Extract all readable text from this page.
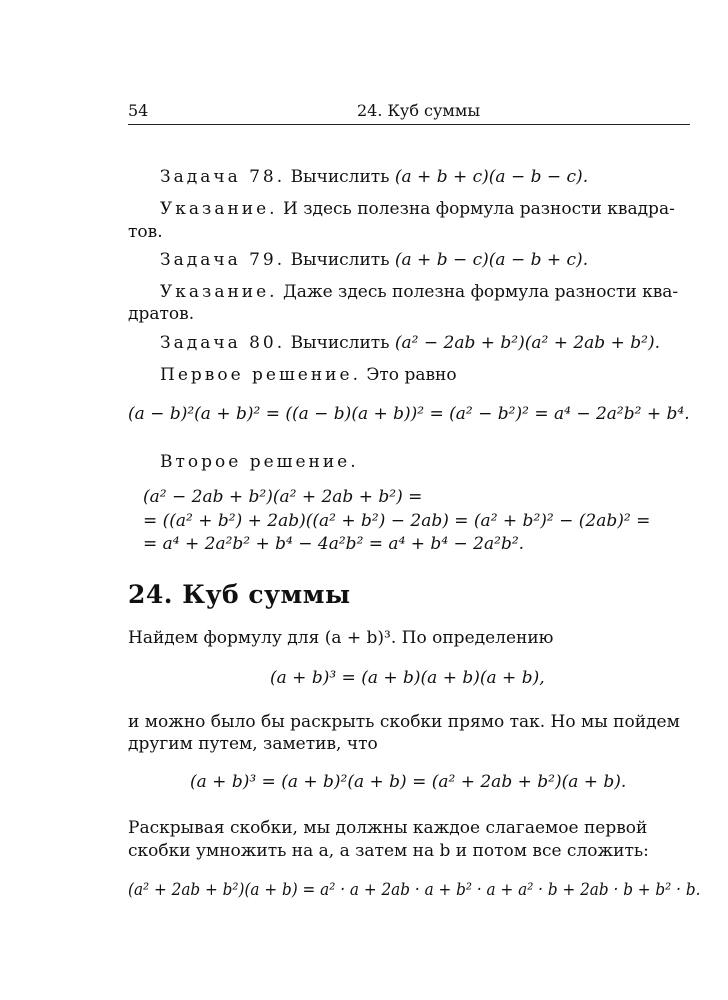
54	24. Куб суммы
Задача 78. Вычислить (a + b + c)(a − b − c).
Указание. И здесь полезна формула разности квадра-
тов.
Задача 79. Вычислить (a + b − c)(a − b + c).
Указание. Даже здесь полезна формула разности ква-
дратов.
Задача 80. Вычислить (a² − 2ab + b²)(a² + 2ab + b²).
Первое решение. Это равно
(a − b)²(a + b)² = ((a − b)(a + b))² = (a² − b²)² = a⁴ − 2a²b² + b⁴.
Второе решение.
(a² − 2ab + b²)(a² + 2ab + b²) =
= ((a² + b²) + 2ab)((a² + b²) − 2ab) = (a² + b²)² − (2ab)² =
= a⁴ + 2a²b² + b⁴ − 4a²b² = a⁴ + b⁴ − 2a²b².
24. Куб суммы
Найдем формулу для (a + b)³. По определению
(a + b)³ = (a + b)(a + b)(a + b),
и можно было бы раскрыть скобки прямо так. Но мы пойдем
другим путем, заметив, что
(a + b)³ = (a + b)²(a + b) = (a² + 2ab + b²)(a + b).
Раскрывая скобки, мы должны каждое слагаемое первой
скобки умножить на a, а затем на b и потом все сложить:
(a² + 2ab + b²)(a + b) = a² · a + 2ab · a + b² · a + a² · b + 2ab · b + b² · b.
